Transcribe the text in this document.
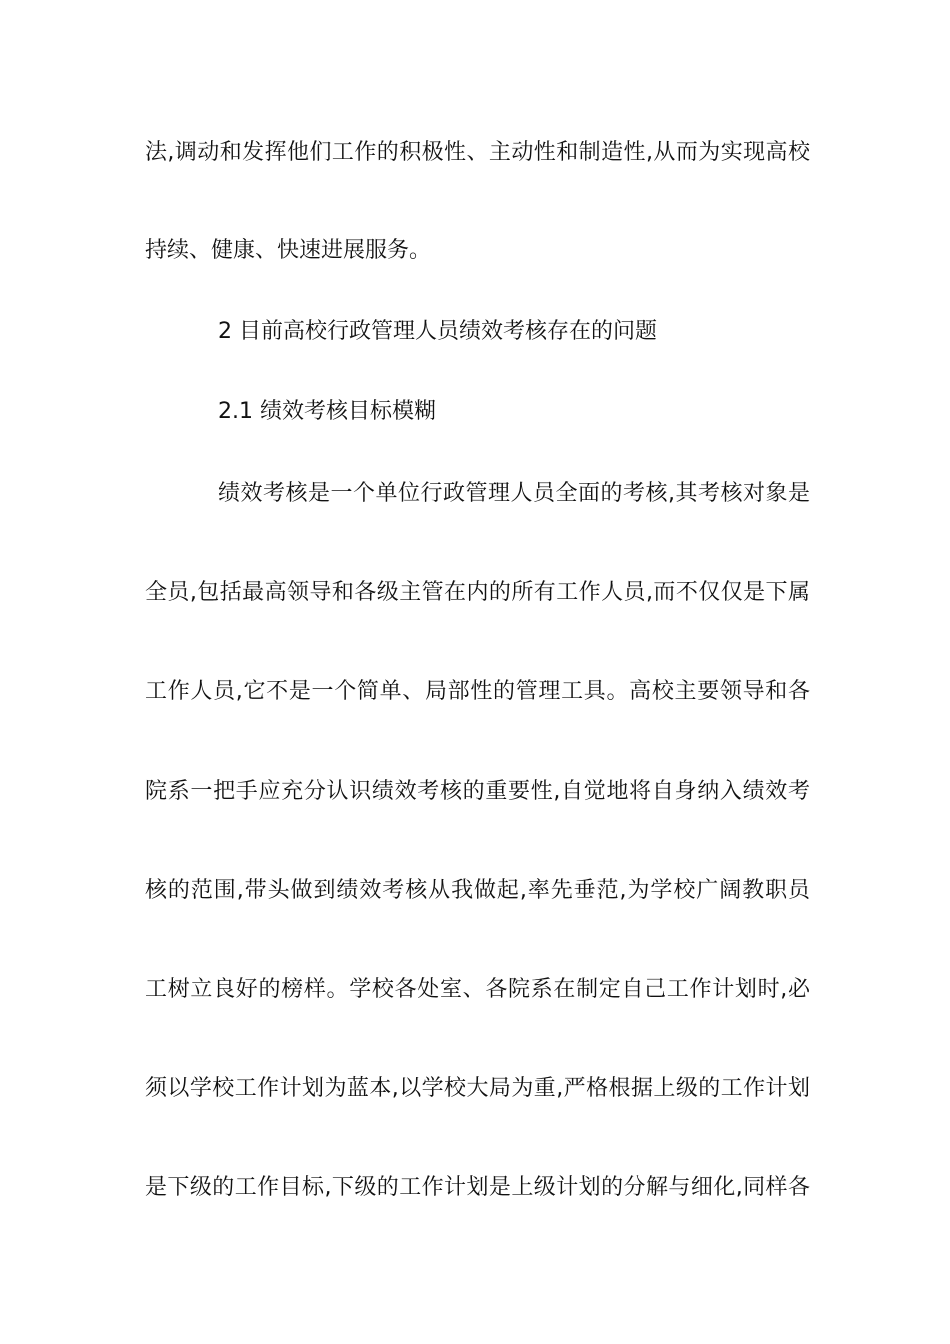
法,调动和发挥他们工作的积极性、主动性和制造性,从而为实现高校
持续、健康、快速进展服务。
2 目前高校行政管理人员绩效考核存在的问题
2.1 绩效考核目标模糊
绩效考核是一个单位行政管理人员全面的考核,其考核对象是
全员,包括最高领导和各级主管在内的所有工作人员,而不仅仅是下属
工作人员,它不是一个简单、局部性的管理工具。高校主要领导和各
院系一把手应充分认识绩效考核的重要性,自觉地将自身纳入绩效考
核的范围,带头做到绩效考核从我做起,率先垂范,为学校广阔教职员
工树立良好的榜样。学校各处室、各院系在制定自己工作计划时,必
须以学校工作计划为蓝本,以学校大局为重,严格根据上级的工作计划
是下级的工作目标,下级的工作计划是上级计划的分解与细化,同样各
